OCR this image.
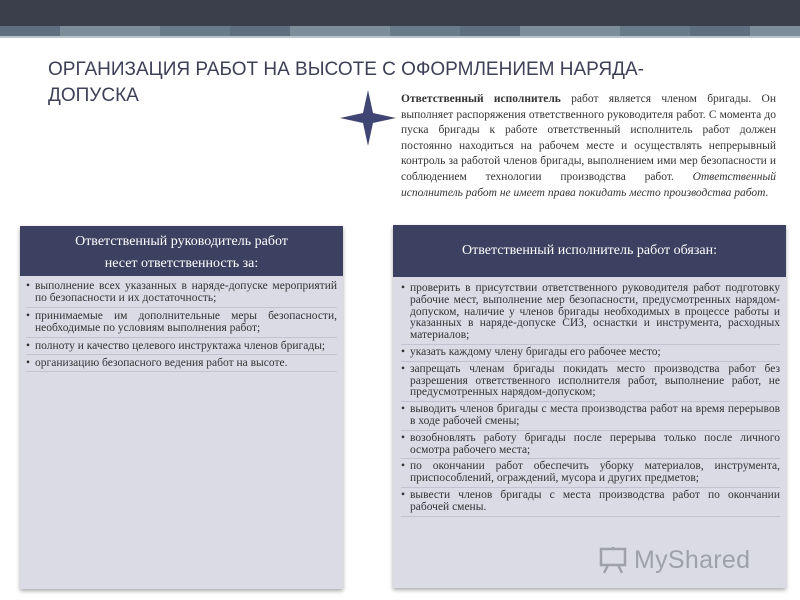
ОРГАНИЗАЦИЯ РАБОТ НА ВЫСОТЕ С ОФОРМЛЕНИЕМ НАРЯДА-ДОПУСКА	Ответственный исполнитель работ является членом бригады. Он выполняет распоряжения ответственного руководителя работ. С момента до пуска бригады к работе ответственный исполнитель работ должен постоянно находиться на рабочем месте и осуществлять непрерывный контроль за работой членов бригады, выполнением ими мер безопасности и соблюдением технологии производства работ. Ответственный исполнитель работ не имеет права покидать место производства работ.

Ответственный руководитель работ
несет ответственность за:
• выполнение всех указанных в наряде-допуске мероприятий по безопасности и их достаточность;
• принимаемые им дополнительные меры безопасности, необходимые по условиям выполнения работ;
• полноту и качество целевого инструктажа членов бригады;
• организацию безопасного ведения работ на высоте.
Ответственный исполнитель работ обязан:
• проверить в присутствии ответственного руководителя работ подготовку рабочие мест, выполнение мер безопасности, предусмотренных нарядом-допуском, наличие у членов бригады необходимых в процессе работы и указанных в наряде-допуске СИЗ, оснастки и инструмента, расходных материалов;
• указать каждому члену бригады его рабочее место;
• запрещать членам бригады покидать место производства работ без разрешения ответственного исполнителя работ, выполнение работ, не предусмотренных нарядом-допуском;
• выводить членов бригады с места производства работ на время перерывов в ходе рабочей смены;
• возобновлять работу бригады после перерыва только после личного осмотра рабочего места;
• по окончании работ обеспечить уборку материалов, инструмента, приспособлений, ограждений, мусора и других предметов;
• вывести членов бригады с места производства работ по окончании рабочей смены.
MyShared
